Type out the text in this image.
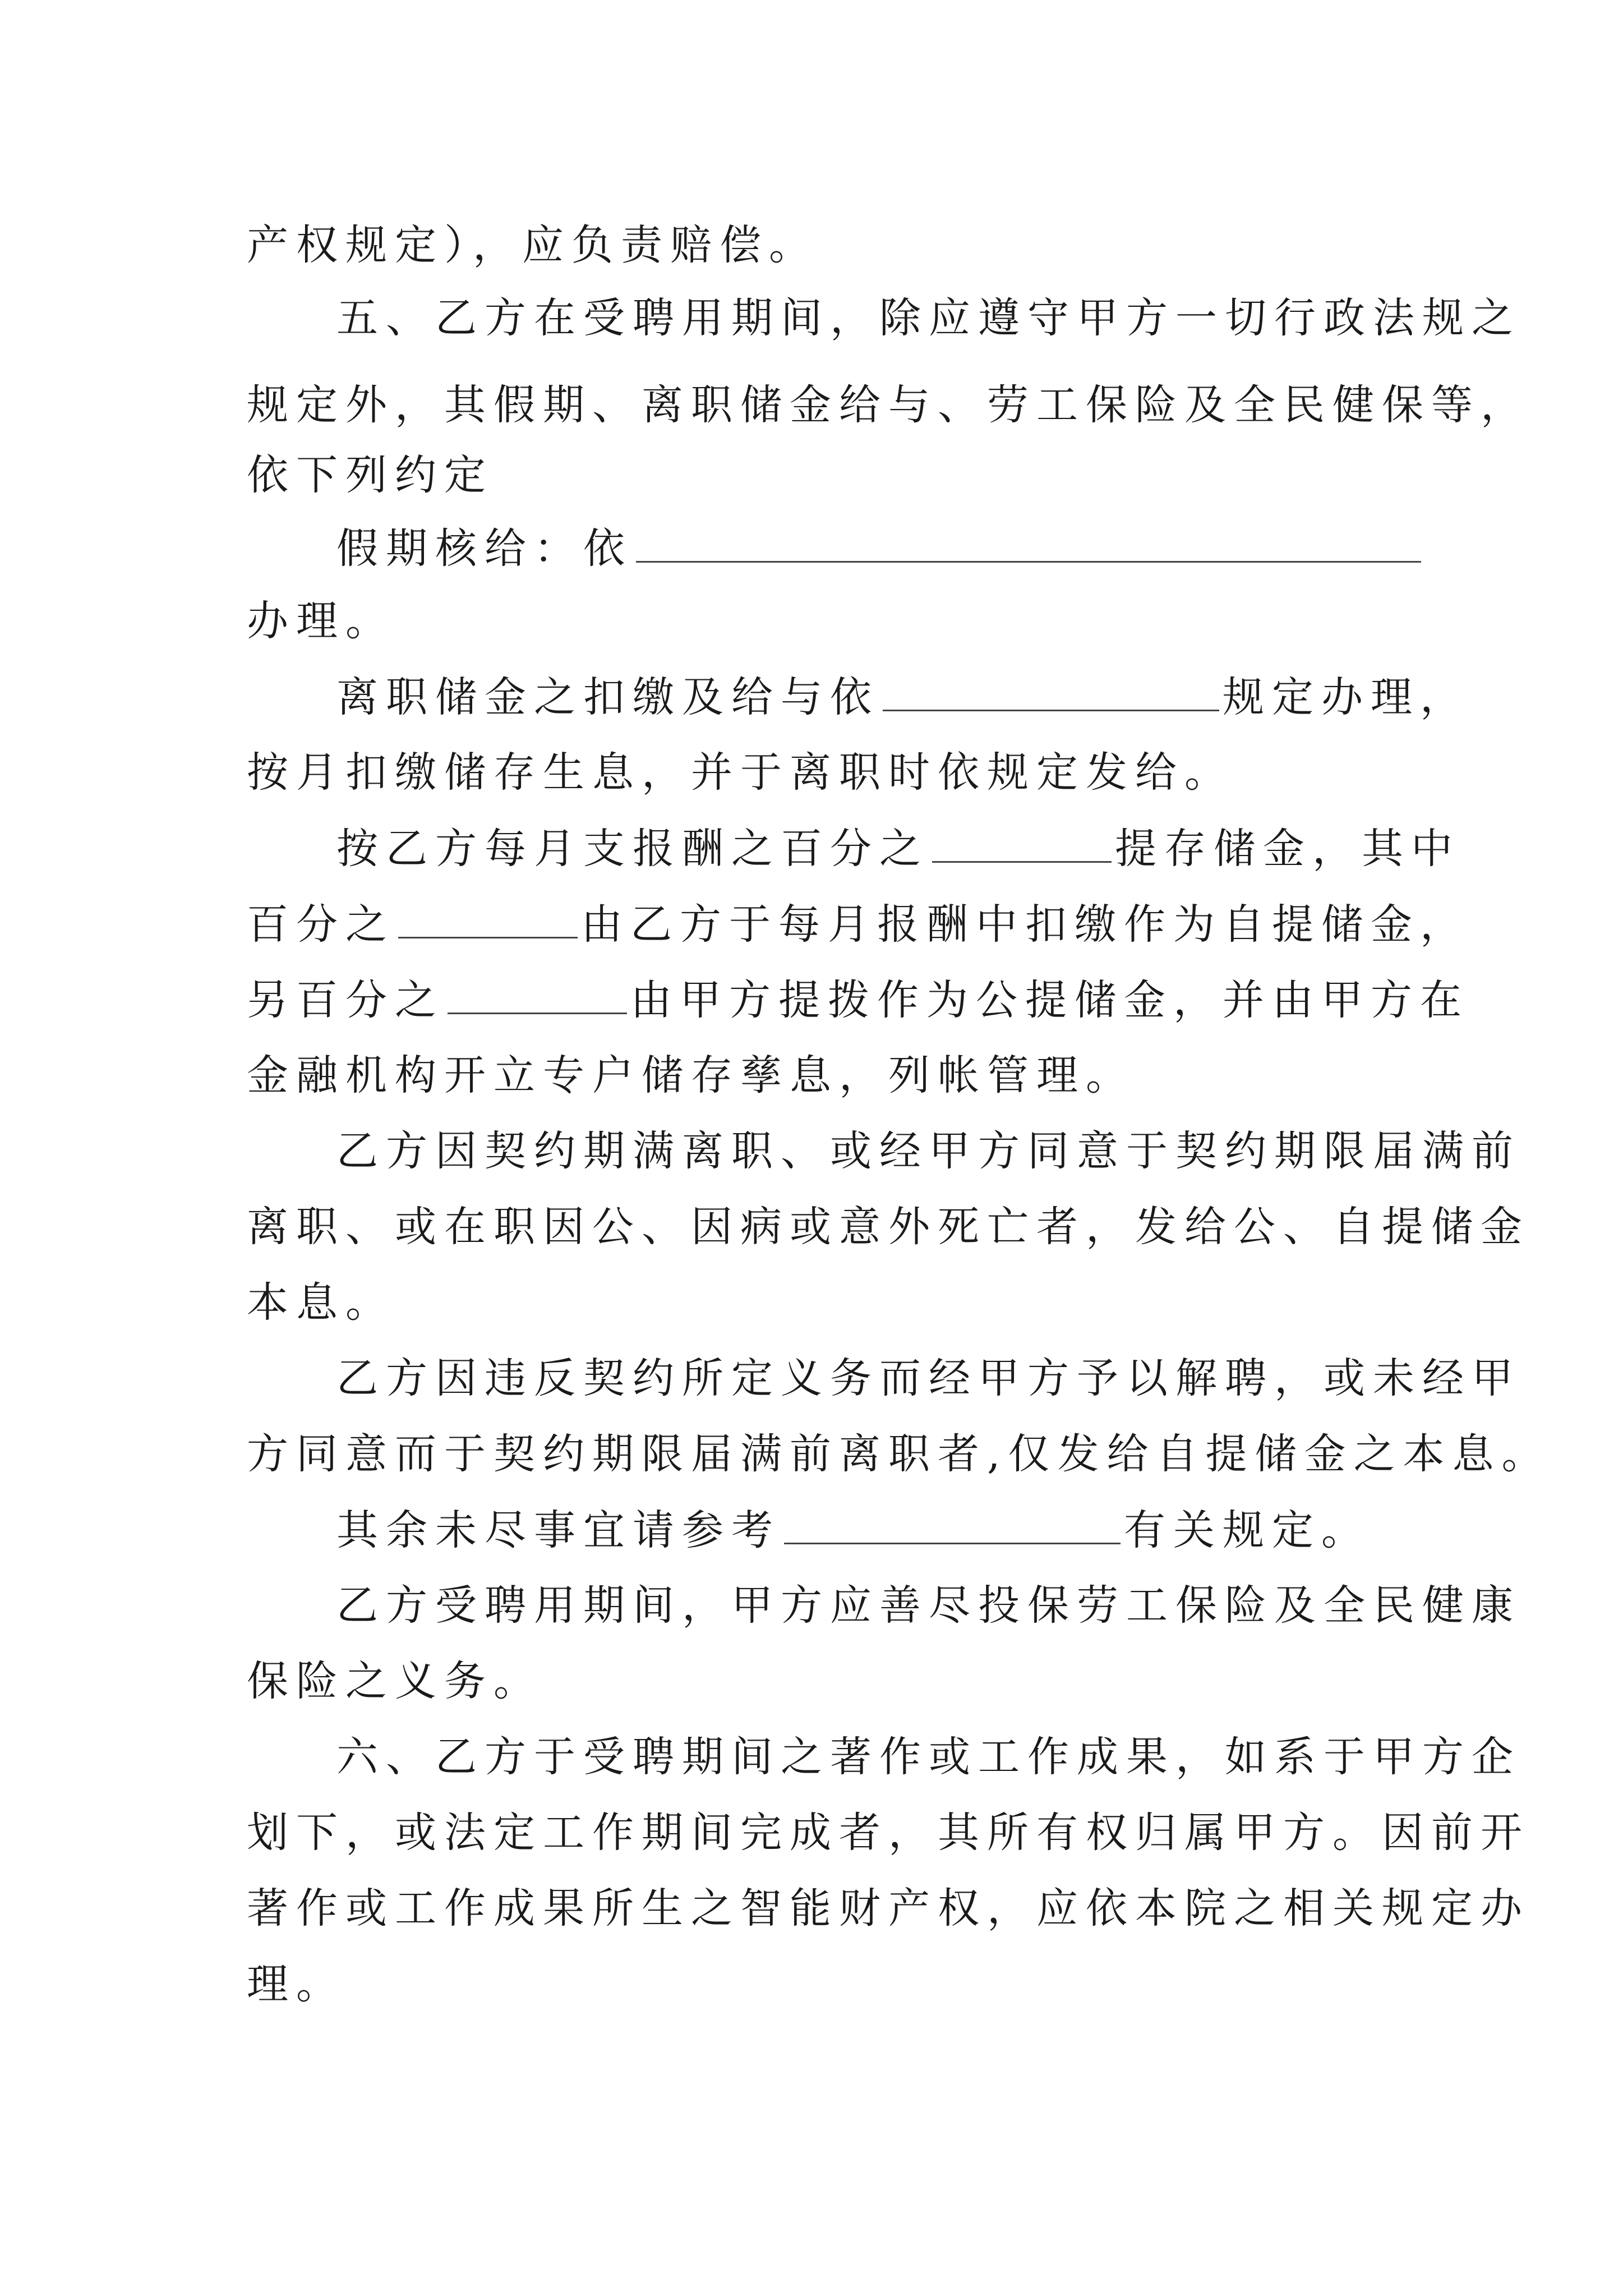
产权规定），应负责赔偿。
五、乙方在受聘用期间，除应遵守甲方一切行政法规之
规定外，其假期、离职储金给与、劳工保险及全民健保等，
依下列约定
假期核给：依
办理。
离职储金之扣缴及给与依	规定办理，
按月扣缴储存生息，并于离职时依规定发给。
按乙方每月支报酬之百分之	提存储金，其中
百分之	由乙方于每月报酬中扣缴作为自提储金，
另百分之	由甲方提拨作为公提储金，并由甲方在
金融机构开立专户储存孳息，列帐管理。
乙方因契约期满离职、或经甲方同意于契约期限届满前
离职、或在职因公、因病或意外死亡者，发给公、自提储金
本息。
乙方因违反契约所定义务而经甲方予以解聘，或未经甲
方同意而于契约期限届满前离职者,仅发给自提储金之本息。
其余未尽事宜请参考	有关规定。
乙方受聘用期间，甲方应善尽投保劳工保险及全民健康
保险之义务。
六、乙方于受聘期间之著作或工作成果，如系于甲方企
划下，或法定工作期间完成者，其所有权归属甲方。因前开
著作或工作成果所生之智能财产权，应依本院之相关规定办
理。
